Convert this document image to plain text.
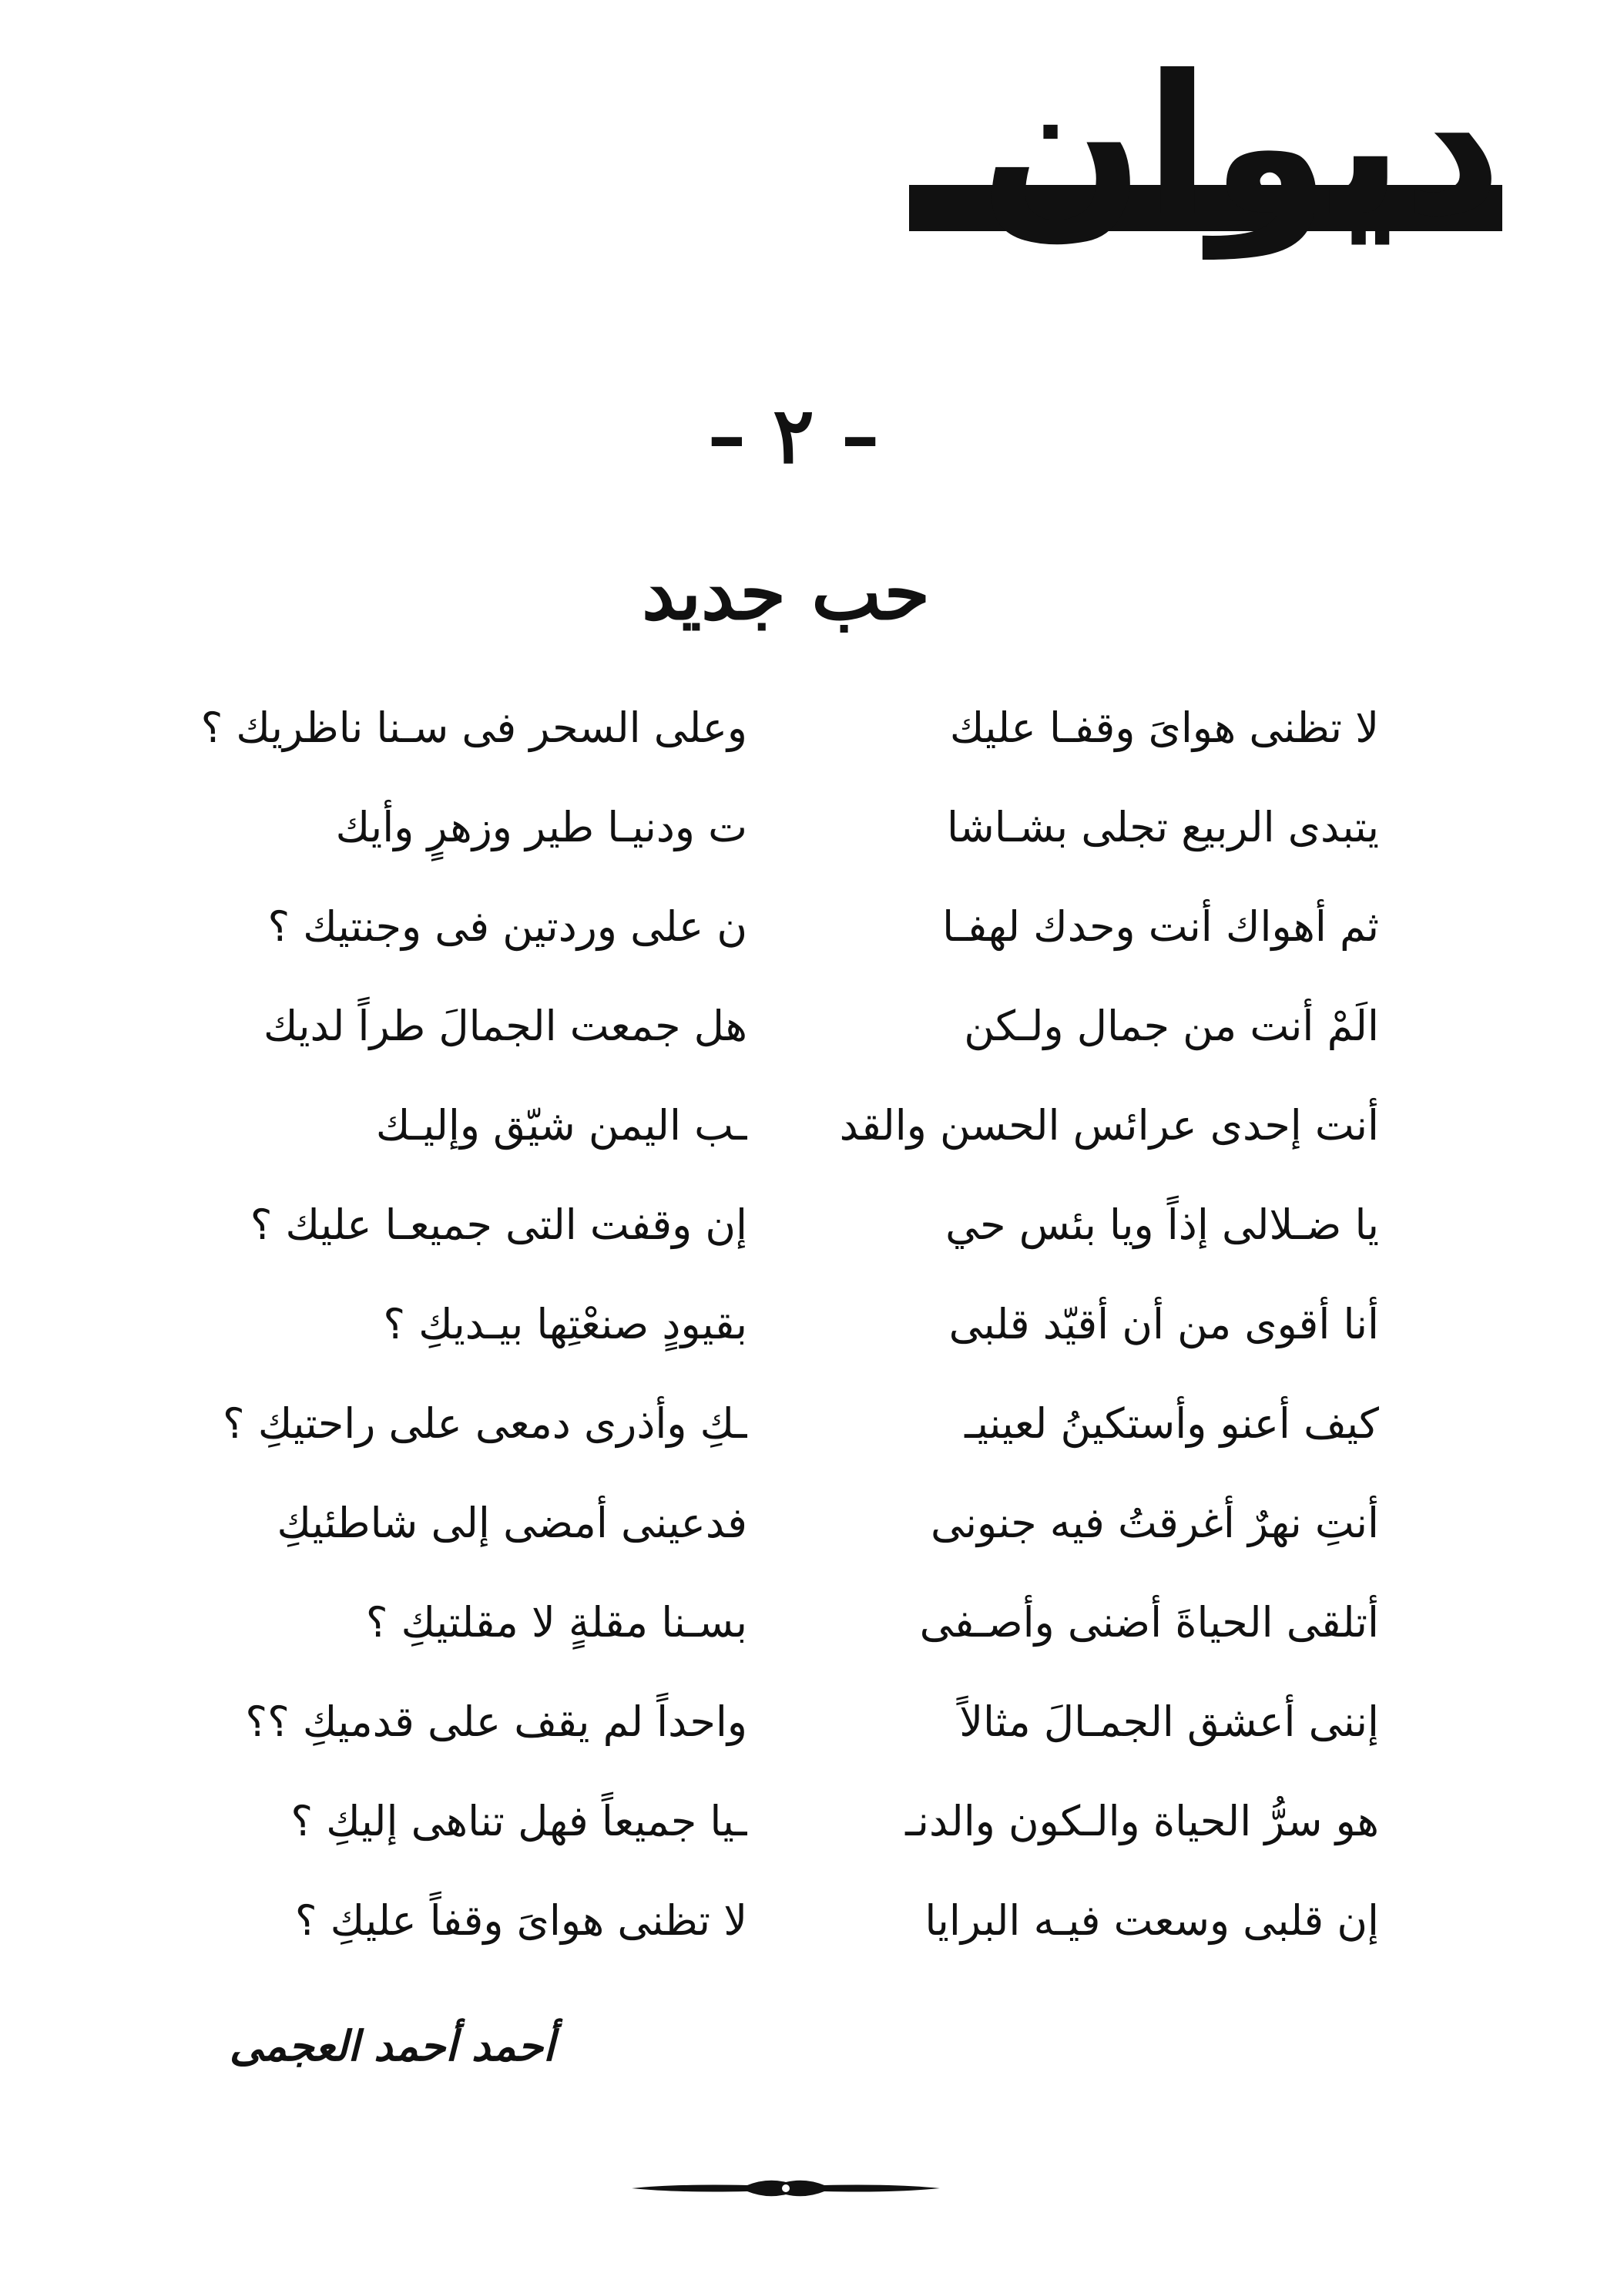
ديوان
– ٢ –
حب جديد
لا تظنى هوایَ وقفـا عليك
وعلى السحر فى سـنا ناظريك ؟
يتبدى الربيع تجلى بشـاشا
ت ودنيـا طير وزهرٍ وأيك
ثم أهواك أنت وحدك لهفـا
ن على وردتين فى وجنتيك ؟
الَمْ أنت من جمال ولـكن
هل جمعت الجمالَ طراً لديك
أنت إحدى عرائس الحسن والقد
ـب اليمن شيّق وإليـك
يا ضـلالى إذاً ويا بئس حي
إن وقفت التى جميعـا عليك ؟
أنا أقوى من أن أقيّد قلبى
بقيودٍ صنعْتِها بيـديكِ ؟
كيف أعنو وأستكينُ لعينيـ
ـكِ وأذرى دمعى على راحتيكِ ؟
أنتِ نهرٌ أغرقتُ فيه جنونى
فدعينى أمضى إلى شاطئيكِ
أتلقى الحياةَ أضنى وأصـفى
بسـنا مقلةٍ لا مقلتيكِ ؟
إننى أعشق الجمـالَ مثالاً
واحداً لم يقف على قدميكِ ؟؟
هو سرُّ الحياة والـكون والدنـ
ـيا جميعاً فهل تناهى إليكِ ؟
إن قلبى وسعت فيـه البرايا
لا تظنى هوایَ وقفاً عليكِ ؟
أحمد أحمد العجمى
